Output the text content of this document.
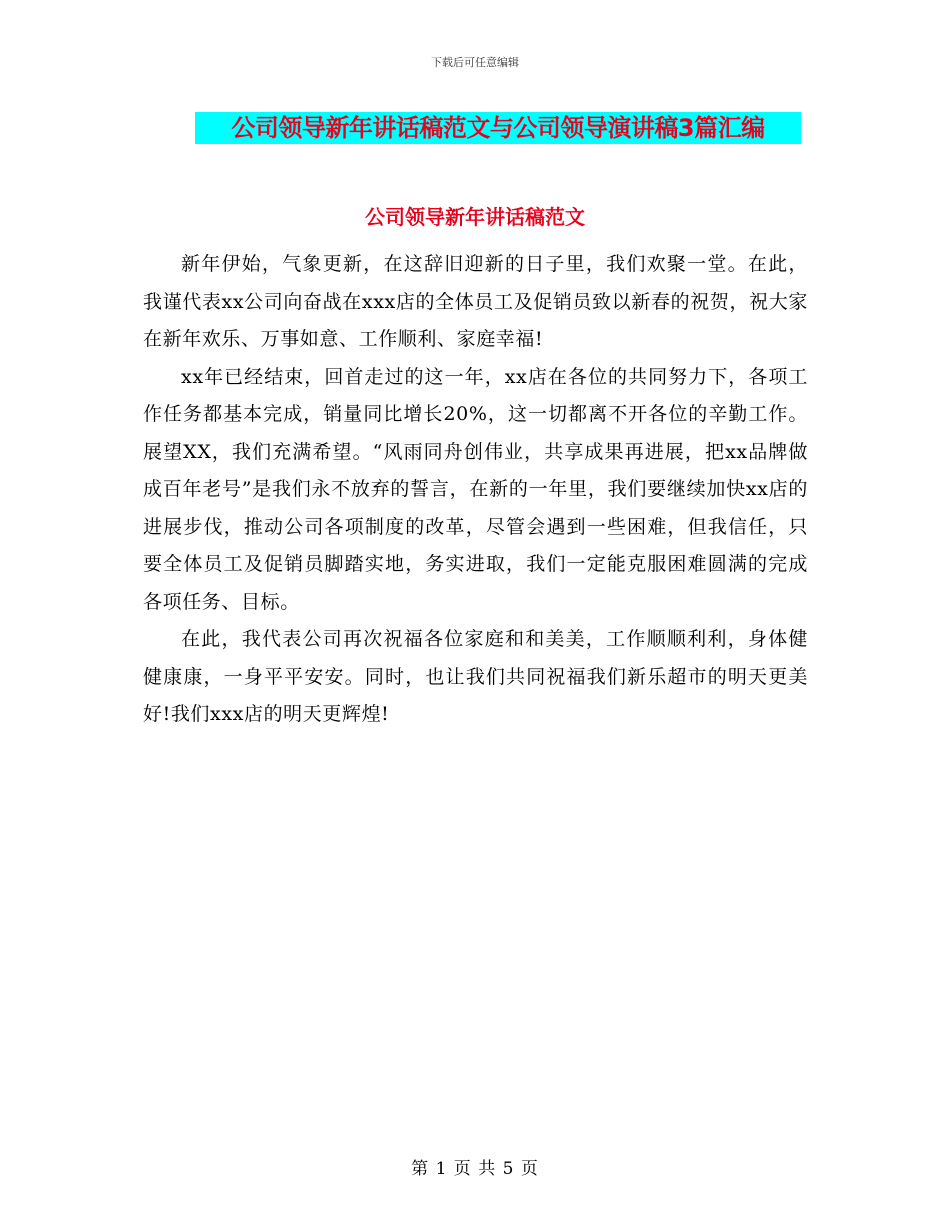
下载后可任意编辑
公司领导新年讲话稿范文与公司领导演讲稿3篇汇编
公司领导新年讲话稿范文

新年伊始，气象更新，在这辞旧迎新的日子里，我们欢聚一堂。在此，我谨代表xx公司向奋战在xxx店的全体员工及促销员致以新春的祝贺，祝大家在新年欢乐、万事如意、工作顺利、家庭幸福!

xx年已经结束，回首走过的这一年，xx店在各位的共同努力下，各项工作任务都基本完成，销量同比增长20%，这一切都离不开各位的辛勤工作。展望XX，我们充满希望。“风雨同舟创伟业，共享成果再进展，把xx品牌做成百年老号”是我们永不放弃的誓言，在新的一年里，我们要继续加快xx店的进展步伐，推动公司各项制度的改革，尽管会遇到一些困难，但我信任，只要全体员工及促销员脚踏实地，务实进取，我们一定能克服困难圆满的完成各项任务、目标。

在此，我代表公司再次祝福各位家庭和和美美，工作顺顺利利，身体健健康康，一身平平安安。同时，也让我们共同祝福我们新乐超市的明天更美好!我们xxx店的明天更辉煌!

第 1 页 共 5 页
